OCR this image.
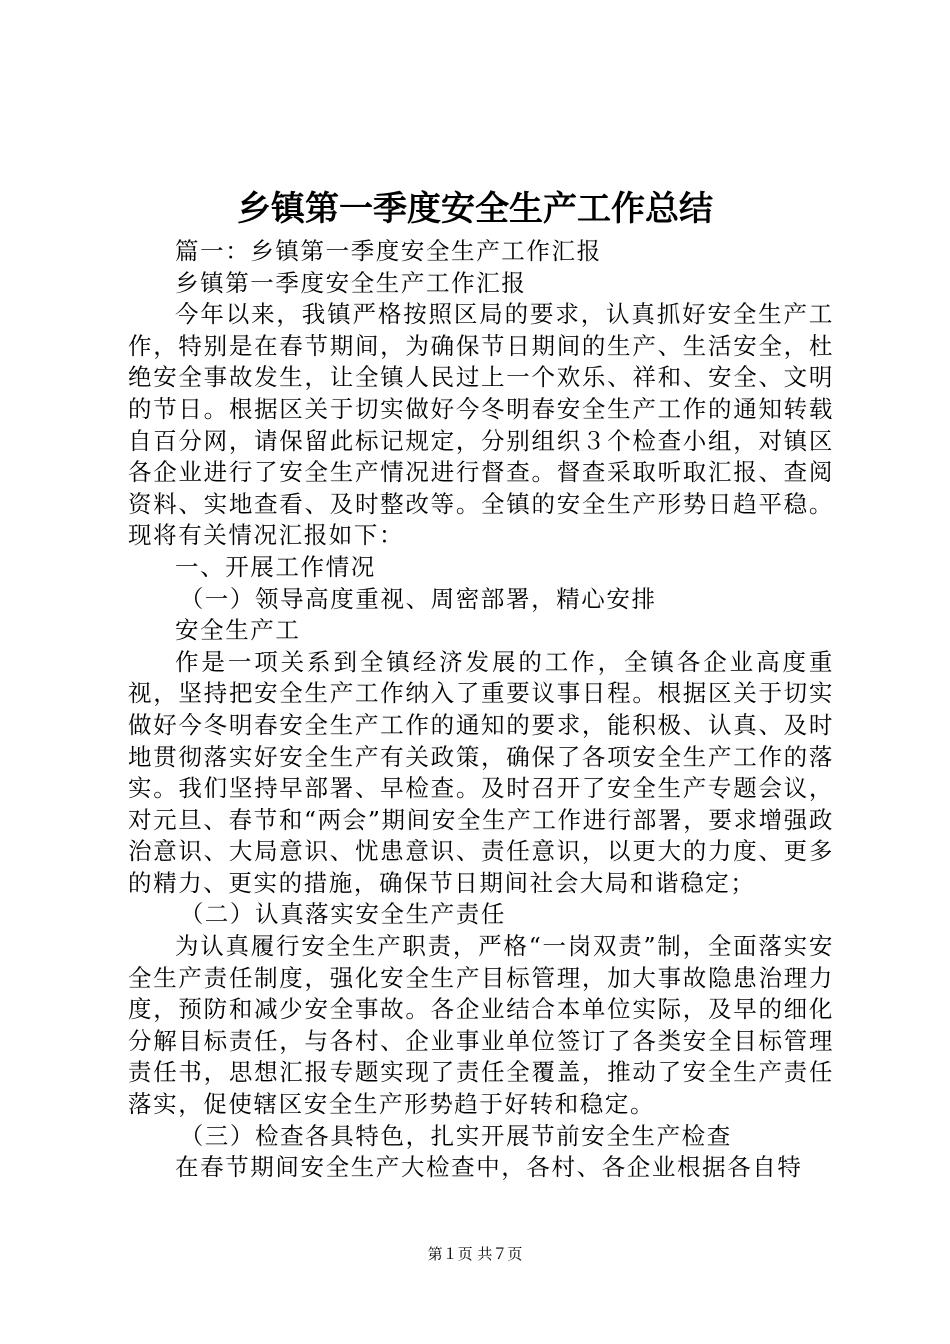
乡镇第一季度安全生产工作总结

篇一：乡镇第一季度安全生产工作汇报

乡镇第一季度安全生产工作汇报

今年以来，我镇严格按照区局的要求，认真抓好安全生产工作，特别是在春节期间，为确保节日期间的生产、生活安全，杜绝安全事故发生，让全镇人民过上一个欢乐、祥和、安全、文明的节日。根据区关于切实做好今冬明春安全生产工作的通知转载自百分网，请保留此标记规定，分别组织３个检查小组，对镇区各企业进行了安全生产情况进行督查。督查采取听取汇报、查阅资料、实地查看、及时整改等。全镇的安全生产形势日趋平稳。现将有关情况汇报如下：

一、开展工作情况

（一）领导高度重视、周密部署，精心安排

安全生产工

作是一项关系到全镇经济发展的工作，全镇各企业高度重视，坚持把安全生产工作纳入了重要议事日程。根据区关于切实做好今冬明春安全生产工作的通知的要求，能积极、认真、及时地贯彻落实好安全生产有关政策，确保了各项安全生产工作的落实。我们坚持早部署、早检查。及时召开了安全生产专题会议，对元旦、春节和“两会”期间安全生产工作进行部署，要求增强政治意识、大局意识、忧患意识、责任意识，以更大的力度、更多的精力、更实的措施，确保节日期间社会大局和谐稳定；

（二）认真落实安全生产责任

为认真履行安全生产职责，严格“一岗双责”制，全面落实安全生产责任制度，强化安全生产目标管理，加大事故隐患治理力度，预防和减少安全事故。各企业结合本单位实际，及早的细化分解目标责任，与各村、企业事业单位签订了各类安全目标管理责任书，思想汇报专题实现了责任全覆盖，推动了安全生产责任落实，促使辖区安全生产形势趋于好转和稳定。

（三）检查各具特色，扎实开展节前安全生产检查

在春节期间安全生产大检查中，各村、各企业根据各自特

第１页 共７页
